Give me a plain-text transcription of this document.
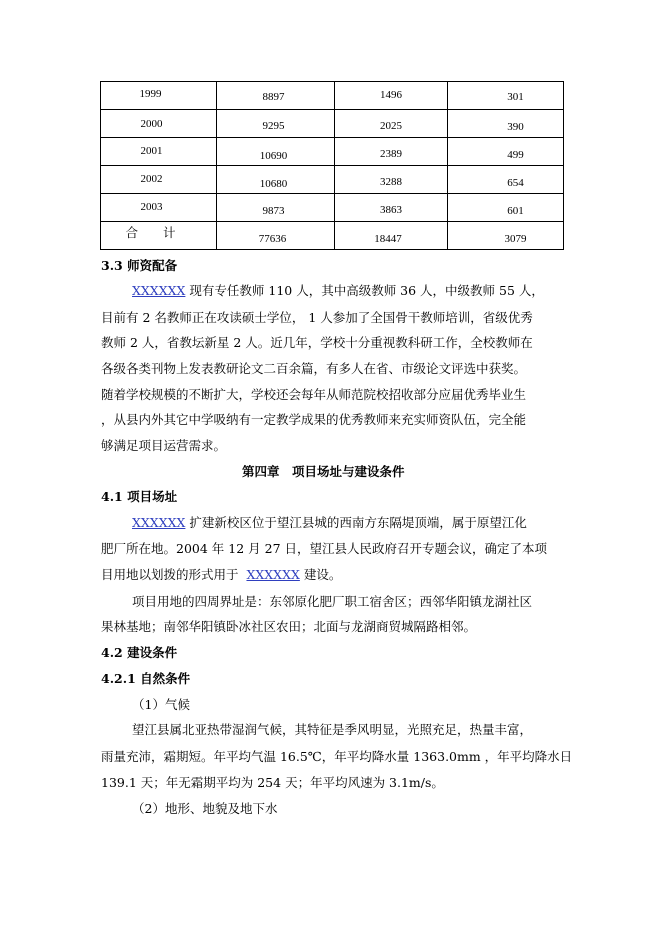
1999	8897	1496	301
2000	9295	2025	390
2001	10690	2389	499
2002	10680	3288	654
2003	9873	3863	601
合　　计	77636	18447	3079
3.3 师资配备
XXXXXX 现有专任教师 110 人，其中高级教师 36 人，中级教师 55 人，
目前有 2 名教师正在攻读硕士学位， 1 人参加了全国骨干教师培训，省级优秀
教师 2 人，省教坛新星 2 人。近几年，学校十分重视教科研工作，全校教师在
各级各类刊物上发表教研论文二百余篇，有多人在省、市级论文评选中获奖。
随着学校规模的不断扩大，学校还会每年从师范院校招收部分应届优秀毕业生
，从县内外其它中学吸纳有一定教学成果的优秀教师来充实师资队伍，完全能
够满足项目运营需求。
第四章　项目场址与建设条件
4.1 项目场址
XXXXXX 扩建新校区位于望江县城的西南方东隔堤顶端，属于原望江化
肥厂所在地。2004 年 12 月 27 日，望江县人民政府召开专题会议，确定了本项
目用地以划拨的形式用于 XXXXXX 建设。
项目用地的四周界址是：东邻原化肥厂职工宿舍区；西邻华阳镇龙湖社区
果林基地；南邻华阳镇卧冰社区农田；北面与龙湖商贸城隔路相邻。
4.2 建设条件
4.2.1 自然条件
（1）气候
望江县属北亚热带湿润气候，其特征是季风明显，光照充足，热量丰富，
雨量充沛，霜期短。年平均气温 16.5℃，年平均降水量 1363.0mm ，年平均降水日
139.1 天；年无霜期平均为 254 天；年平均风速为 3.1m/s。
（2）地形、地貌及地下水
